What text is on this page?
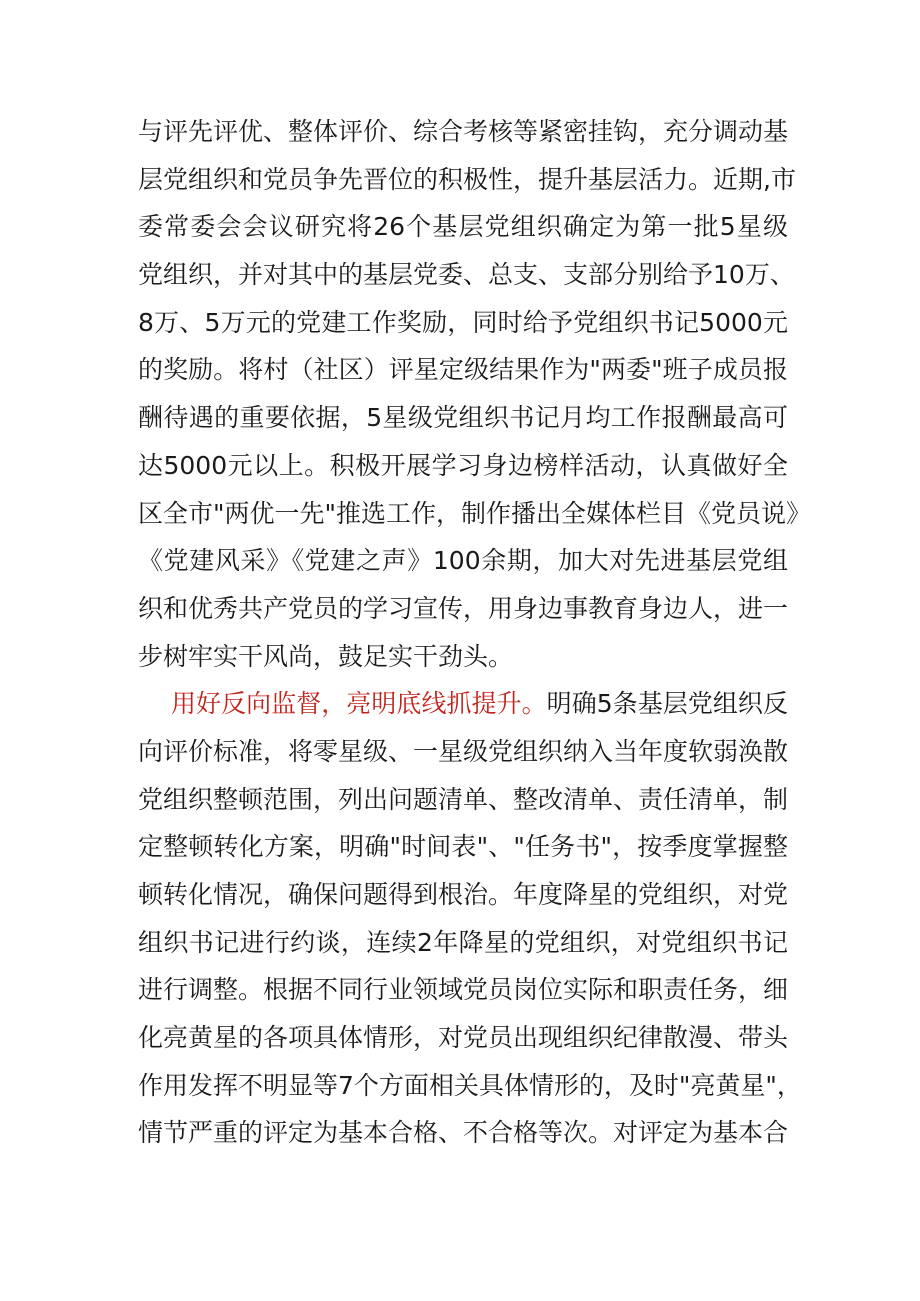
与评先评优、整体评价、综合考核等紧密挂钩，充分调动基
层党组织和党员争先晋位的积极性，提升基层活力。近期,市
委常委会会议研究将26个基层党组织确定为第一批5星级
党组织，并对其中的基层党委、总支、支部分别给予10万、
8万、5万元的党建工作奖励，同时给予党组织书记5000元
的奖励。将村（社区）评星定级结果作为"两委"班子成员报
酬待遇的重要依据，5星级党组织书记月均工作报酬最高可
达5000元以上。积极开展学习身边榜样活动，认真做好全
区全市"两优一先"推选工作，制作播出全媒体栏目《党员说》
《党建风采》《党建之声》100余期，加大对先进基层党组
织和优秀共产党员的学习宣传，用身边事教育身边人，进一
步树牢实干风尚，鼓足实干劲头。
用好反向监督，亮明底线抓提升。明确5条基层党组织反
向评价标准，将零星级、一星级党组织纳入当年度软弱涣散
党组织整顿范围，列出问题清单、整改清单、责任清单，制
定整顿转化方案，明确"时间表"、"任务书"，按季度掌握整
顿转化情况，确保问题得到根治。年度降星的党组织，对党
组织书记进行约谈，连续2年降星的党组织，对党组织书记
进行调整。根据不同行业领域党员岗位实际和职责任务，细
化亮黄星的各项具体情形，对党员出现组织纪律散漫、带头
作用发挥不明显等7个方面相关具体情形的，及时"亮黄星"，
情节严重的评定为基本合格、不合格等次。对评定为基本合
